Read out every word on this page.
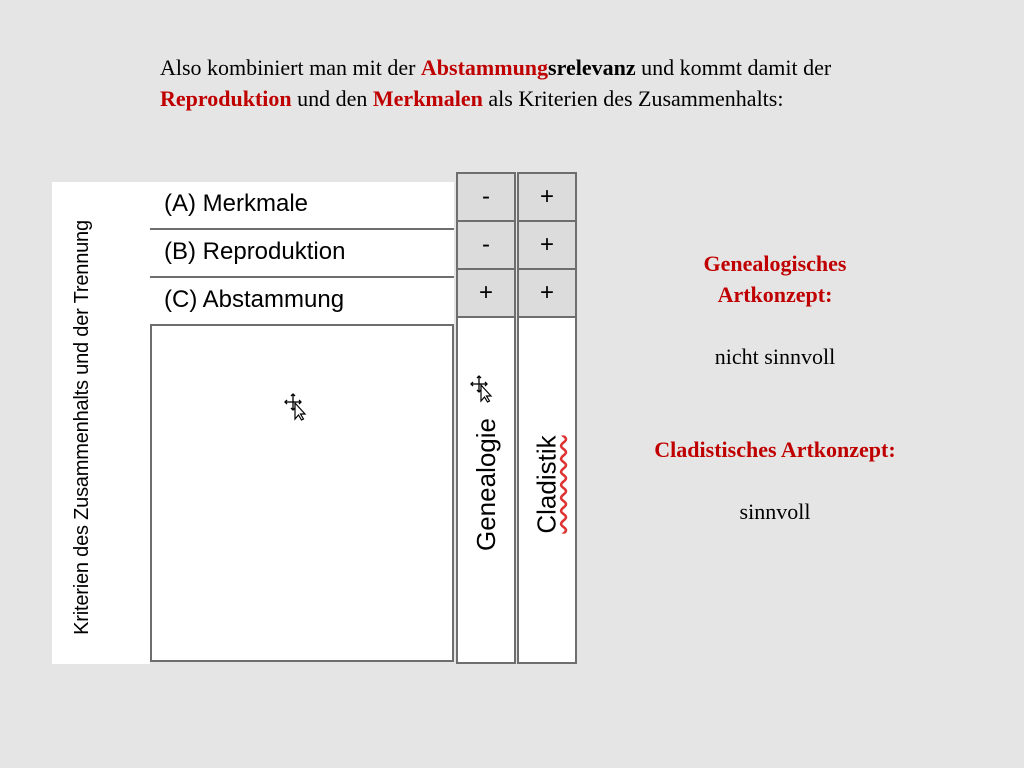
Also kombiniert man mit der Abstammungsrelevanz und kommt damit der Reproduktion und den Merkmalen als Kriterien des Zusammenhalts:
Kriterien des Zusammenhalts und der Trennung
(A) Merkmale
(B) Reproduktion
(C) Abstammung
-
-
+
Genealogie
+
+
+
Cladistik
Genealogisches Artkonzept:
nicht sinnvoll
Cladistisches Artkonzept:
sinnvoll
